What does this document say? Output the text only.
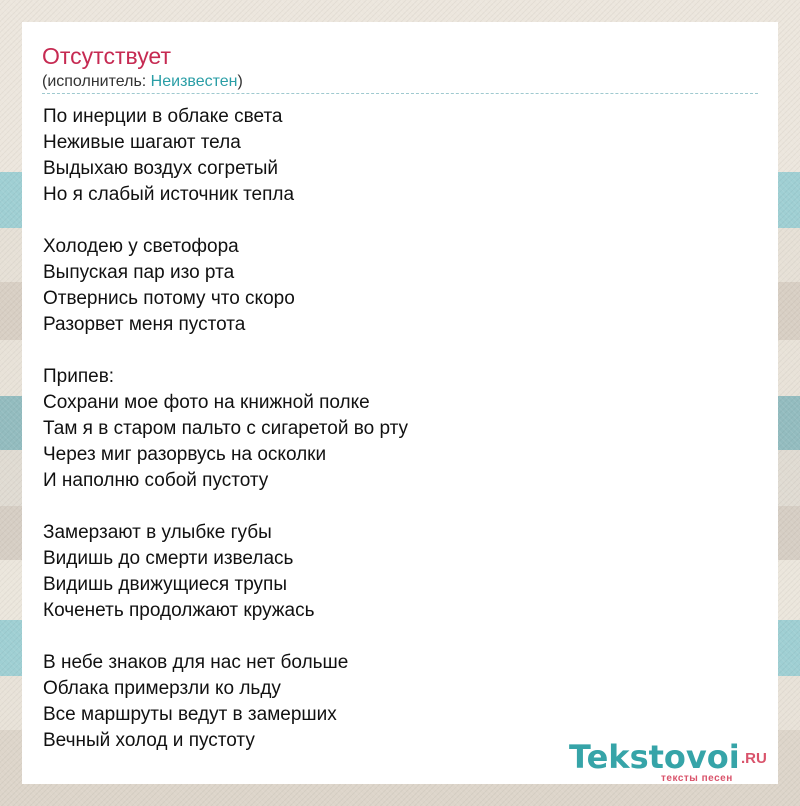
Отсутствует
(исполнитель: Неизвестен)
По инерции в облаке света
Неживые шагают тела
Выдыхаю воздух согретый
Но я слабый источник тепла
Холодею у светофора
Выпуская пар изо рта
Отвернись потому что скоро
Разорвет меня пустота
Припев:
Сохрани мое фото на книжной полке
Там я в старом пальто с сигаретой во рту
Через миг разорвусь на осколки
И наполню собой пустоту
Замерзают в улыбке губы
Видишь до смерти извелась
Видишь движущиеся трупы
Коченеть продолжают кружась
В небе знаков для нас нет больше
Облака примерзли ко льду
Все маршруты ведут в замерших
Вечный холод и пустоту	Tekstovoi .RU
тексты песен
